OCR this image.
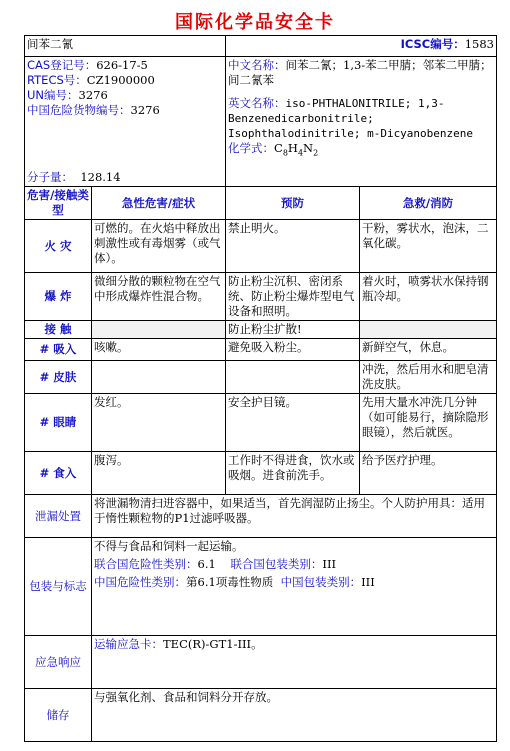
国际化学品安全卡
间苯二氰		ICSC编号：1583	

CAS登记号：626-17-5
RTECS号：CZ1900000
UN编号：3276
中国危险货物编号：3276
分子量： 128.14		中文名称：间苯二氰；1,3-苯二甲腈；邻苯二甲腈；间二氰苯
英文名称：iso-PHTHALONITRILE; 1,3-Benzenedicarbonitrile; Isophthalodinitrile; m-Dicyanobenzene
化学式：$C_8H_4N_2$

危害/接触类型	急性危害/症状	预防	急救/消防
火 灾	可燃的。在火焰中释放出刺激性或有毒烟雾（或气体）。	禁止明火。	干粉，雾状水，泡沫，二氧化碳。
爆 炸	微细分散的颗粒物在空气中形成爆炸性混合物。	防止粉尘沉积、密闭系统、防止粉尘爆炸型电气设备和照明。	着火时，喷雾状水保持钢瓶冷却。
接 触		防止粉尘扩散!	
# 吸入	咳嗽。	避免吸入粉尘。	新鲜空气，休息。
# 皮肤			冲洗，然后用水和肥皂清洗皮肤。
# 眼睛	发红。	安全护目镜。	先用大量水冲洗几分钟（如可能易行，摘除隐形眼镜），然后就医。
# 食入	腹泻。	工作时不得进食，饮水或吸烟。进食前洗手。	给予医疗护理。
泄漏处置	将泄漏物清扫进容器中，如果适当，首先润湿防止扬尘。个人防护用具：适用于惰性颗粒物的P1过滤呼吸器。		
包装与标志	不得与食品和饲料一起运输。
联合国危险性类别：6.1 联合国包装类别：III
中国危险性类别：第6.1项毒性物质 中国包装类别：III		

应急响应	运输应急卡：TEC(R)-GT1-III。		
储存	与强氧化剂、食品和饲料分开存放。		
